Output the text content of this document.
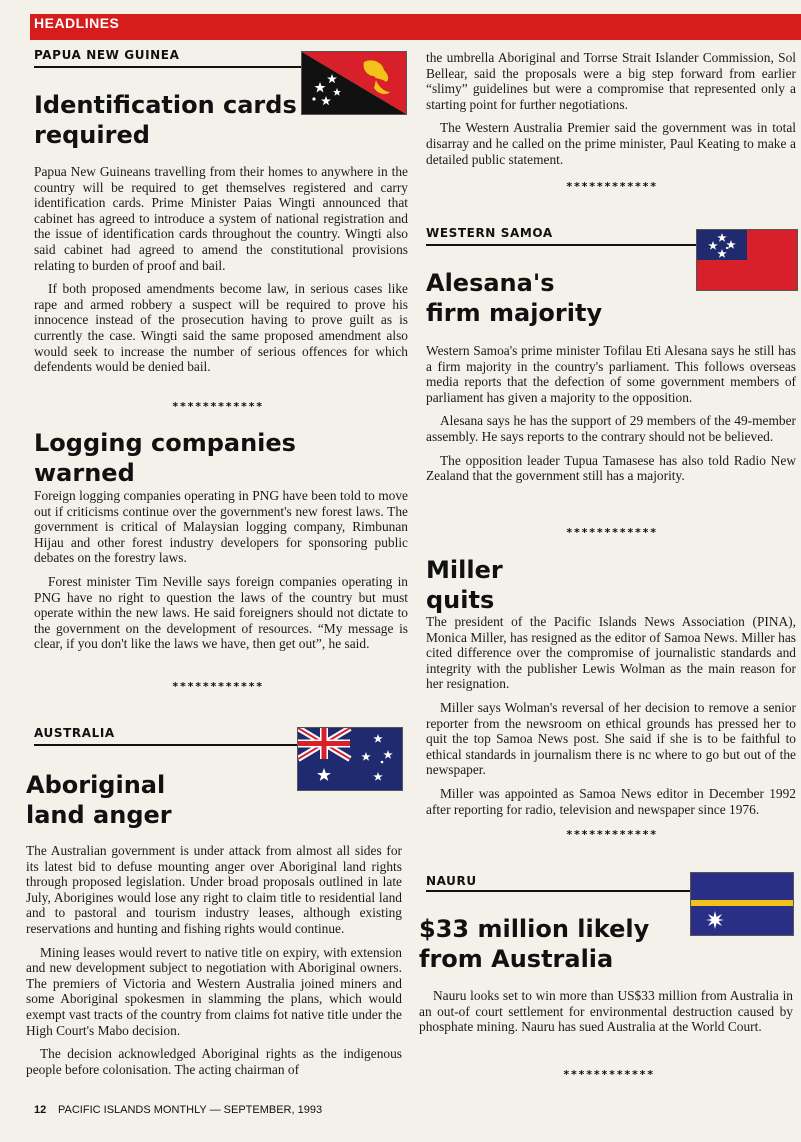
HEADLINES
PAPUA NEW GUINEA
Identification cards
required

Papua New Guineans travelling from their homes to anywhere in the country will be required to get themselves registered and carry identification cards. Prime Minister Paias Wingti announced that cabinet has agreed to introduce a system of national registration and the issue of identification cards throughout the country. Wingti also said cabinet had agreed to amend the constitutional provisions relating to burden of proof and bail.

If both proposed amendments become law, in serious cases like rape and armed robbery a suspect will be required to prove his innocence instead of the prosecution having to prove guilt as is currently the case. Wingti said the same proposed amendment also would seek to increase the number of serious offences for which defendents would be denied bail.

************
Logging companies
warned

Foreign logging companies operating in PNG have been told to move out if criticisms continue over the government's new forest laws. The government is critical of Malaysian logging company, Rimbunan Hijau and other forest industry developers for sponsoring public debates on the forestry laws.

Forest minister Tim Neville says foreign companies operating in PNG have no right to question the laws of the country but must operate within the new laws. He said foreigners should not dictate to the government on the development of resources. “My message is clear, if you don't like the laws we have, then get out”, he said.

************
AUSTRALIA
Aboriginal
land anger

The Australian government is under attack from almost all sides for its latest bid to defuse mounting anger over Aboriginal land rights through proposed legislation. Under broad proposals outlined in late July, Aborigines would lose any right to claim title to residential land and to pastoral and tourism industry leases, although existing reservations and hunting and fishing rights would continue.

Mining leases would revert to native title on expiry, with extension and new development subject to negotiation with Aboriginal owners. The premiers of Victoria and Western Australia joined miners and some Aboriginal spokesmen in slamming the plans, which would exempt vast tracts of the country from claims fot native title under the High Court's Mabo decision.

The decision acknowledged Aboriginal rights as the indigenous people before colonisation. The acting chairman of

12 PACIFIC ISLANDS MONTHLY — SEPTEMBER, 1993

the umbrella Aboriginal and Torrse Strait Islander Commission, Sol Bellear, said the proposals were a big step forward from earlier “slimy” guidelines but were a compromise that represented only a starting point for further negotiations.

The Western Australia Premier said the government was in total disarray and he called on the prime minister, Paul Keating to make a detailed public statement.

************
WESTERN SAMOA
Alesana's
firm majority

Western Samoa's prime minister Tofilau Eti Alesana says he still has a firm majority in the country's parliament. This follows overseas media reports that the defection of some government members of parliament has given a majority to the opposition.

Alesana says he has the support of 29 members of the 49-member assembly. He says reports to the contrary should not be believed.

The opposition leader Tupua Tamasese has also told Radio New Zealand that the government still has a majority.

************
Miller
quits

The president of the Pacific Islands News Association (PINA), Monica Miller, has resigned as the editor of Samoa News. Miller has cited difference over the compromise of journalistic standards and integrity with the publisher Lewis Wolman as the main reason for her resignation.

Miller says Wolman's reversal of her decision to remove a senior reporter from the newsroom on ethical grounds has pressed her to quit the top Samoa News post. She said if she is to be faithful to ethical standards in journalism there is nc where to go but out of the newspaper.

Miller was appointed as Samoa News editor in December 1992 after reporting for radio, television and newspaper since 1976.

************
NAURU
$33 million likely
from Australia

Nauru looks set to win more than US$33 million from Australia in an out-of court settlement for environmental destruction caused by phosphate mining. Nauru has sued Australia at the World Court.

************
